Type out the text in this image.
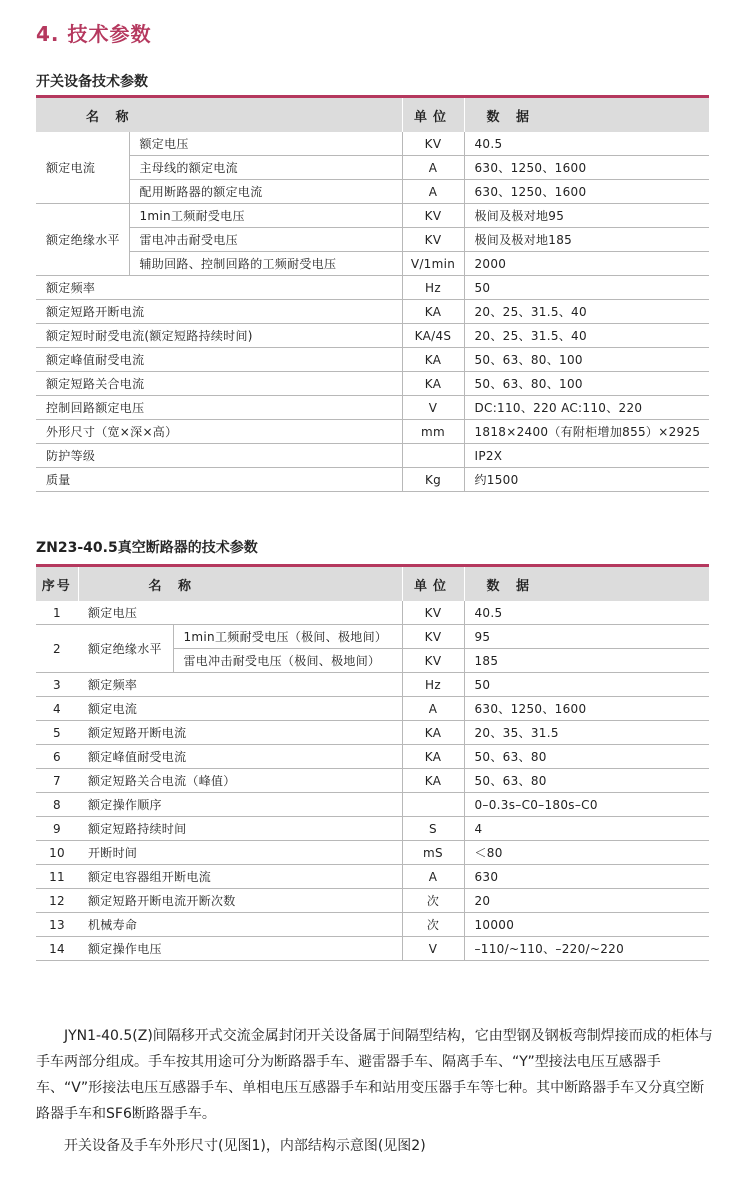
4. 技术参数
开关设备技术参数
名 称		单位	数 据
额定电流	额定电压	KV	40.5
	主母线的额定电流	A	630、1250、1600
	配用断路器的额定电流	A	630、1250、1600
额定绝缘水平	1min工频耐受电压	KV	极间及极对地95
	雷电冲击耐受电压	KV	极间及极对地185
	辅助回路、控制回路的工频耐受电压	V/1min	2000
额定频率		Hz	50
额定短路开断电流		KA	20、25、31.5、40
额定短时耐受电流(额定短路持续时间)		KA/4S	20、25、31.5、40
额定峰值耐受电流		KA	50、63、80、100
额定短路关合电流		KA	50、63、80、100
控制回路额定电压		V	DC:110、220 AC:110、220
外形尺寸（宽×深×高）		mm	1818×2400（有附柜增加855）×2925
防护等级			IP2X
质量		Kg	约1500
ZN23-40.5真空断路器的技术参数
序号	名 称		单位	数 据
1	额定电压		KV	40.5
2	额定绝缘水平	1min工频耐受电压（极间、极地间）	KV	95
		雷电冲击耐受电压（极间、极地间）	KV	185
3	额定频率		Hz	50
4	额定电流		A	630、1250、1600
5	额定短路开断电流		KA	20、35、31.5
6	额定峰值耐受电流		KA	50、63、80
7	额定短路关合电流（峰值）		KA	50、63、80
8	额定操作顺序			0–0.3s–C0–180s–C0
9	额定短路持续时间		S	4
10	开断时间		mS	＜80
11	额定电容器组开断电流		A	630
12	额定短路开断电流开断次数		次	20
13	机械寿命		次	10000
14	额定操作电压		V	–110/~110、–220/~220

JYN1-40.5(Z)间隔移开式交流金属封闭开关设备属于间隔型结构，它由型钢及钢板弯制焊接而成的柜体与手车两部分组成。手车按其用途可分为断路器手车、避雷器手车、隔离手车、“Y”型接法电压互感器手车、“V”形接法电压互感器手车、单相电压互感器手车和站用变压器手车等七种。其中断路器手车又分真空断路器手车和SF6断路器手车。

开关设备及手车外形尺寸(见图1)，内部结构示意图(见图2)
